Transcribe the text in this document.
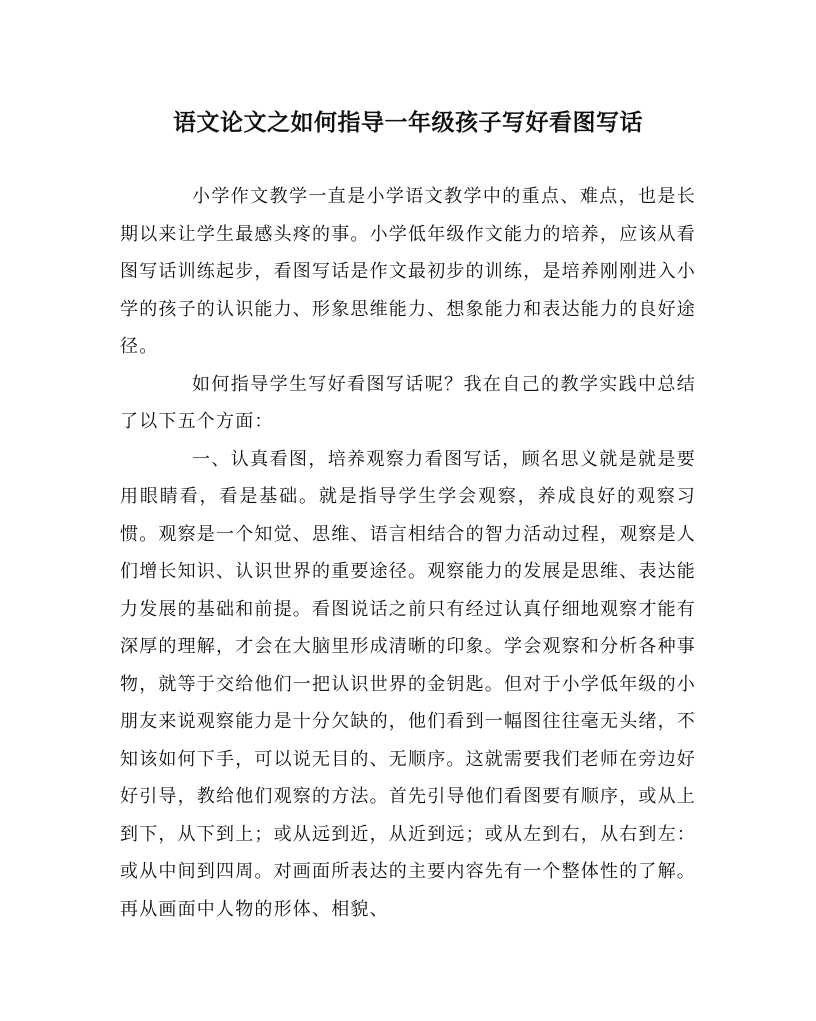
语文论文之如何指导一年级孩子写好看图写话

小学作文教学一直是小学语文教学中的重点、难点，也是长期以来让学生最感头疼的事。小学低年级作文能力的培养，应该从看图写话训练起步，看图写话是作文最初步的训练，是培养刚刚进入小学的孩子的认识能力、形象思维能力、想象能力和表达能力的良好途径。

如何指导学生写好看图写话呢？我在自己的教学实践中总结了以下五个方面：

一、认真看图，培养观察力看图写话，顾名思义就是就是要用眼睛看，看是基础。就是指导学生学会观察，养成良好的观察习惯。观察是一个知觉、思维、语言相结合的智力活动过程，观察是人们增长知识、认识世界的重要途径。观察能力的发展是思维、表达能力发展的基础和前提。看图说话之前只有经过认真仔细地观察才能有深厚的理解，才会在大脑里形成清晰的印象。学会观察和分析各种事物，就等于交给他们一把认识世界的金钥匙。但对于小学低年级的小朋友来说观察能力是十分欠缺的，他们看到一幅图往往毫无头绪，不知该如何下手，可以说无目的、无顺序。这就需要我们老师在旁边好好引导，教给他们观察的方法。首先引导他们看图要有顺序，或从上到下，从下到上；或从远到近，从近到远；或从左到右，从右到左：或从中间到四周。对画面所表达的主要内容先有一个整体性的了解。再从画面中人物的形体、相貌、
